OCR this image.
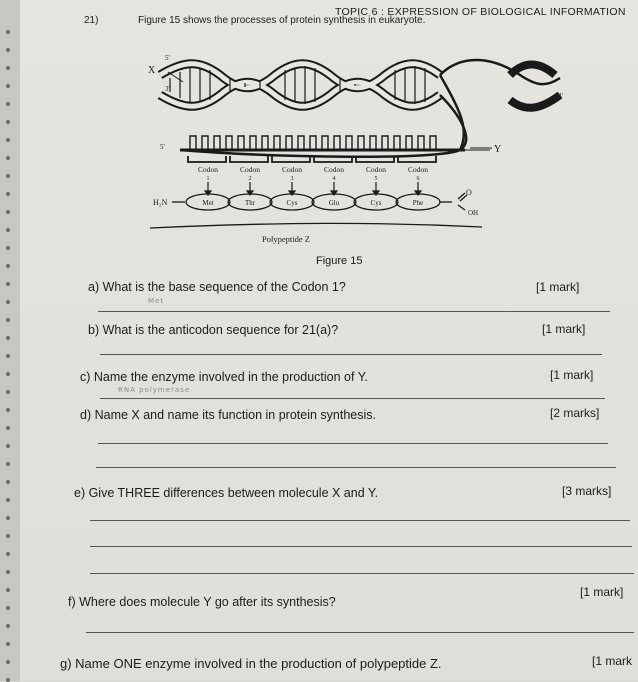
TOPIC 6 : EXPRESSION OF BIOLOGICAL INFORMATION
21)	Figure 15 shows the processes of protein synthesis in eukaryote.
X
Y
5'
3'
5'
3'
5'
Codon
1
Codon
2
Codon
3
Codon
4
Codon
5
Codon
6
Met	Thr	Cys	Glu	Cys	Phe
H₂N
O
OH
Polypeptide Z
Figure 15
a) What is the base sequence of the Codon 1?	[1 mark]
Met
b) What is the anticodon sequence for 21(a)?	[1 mark]
c) Name the enzyme involved in the production of Y.	[1 mark]
RNA polymerase
d) Name X and name its function in protein synthesis.	[2 marks]
e) Give THREE differences between molecule X and Y.	[3 marks]
f) Where does molecule Y go after its synthesis?
[1 mark]
g) Name ONE enzyme involved in the production of polypeptide Z.	[1 mark
